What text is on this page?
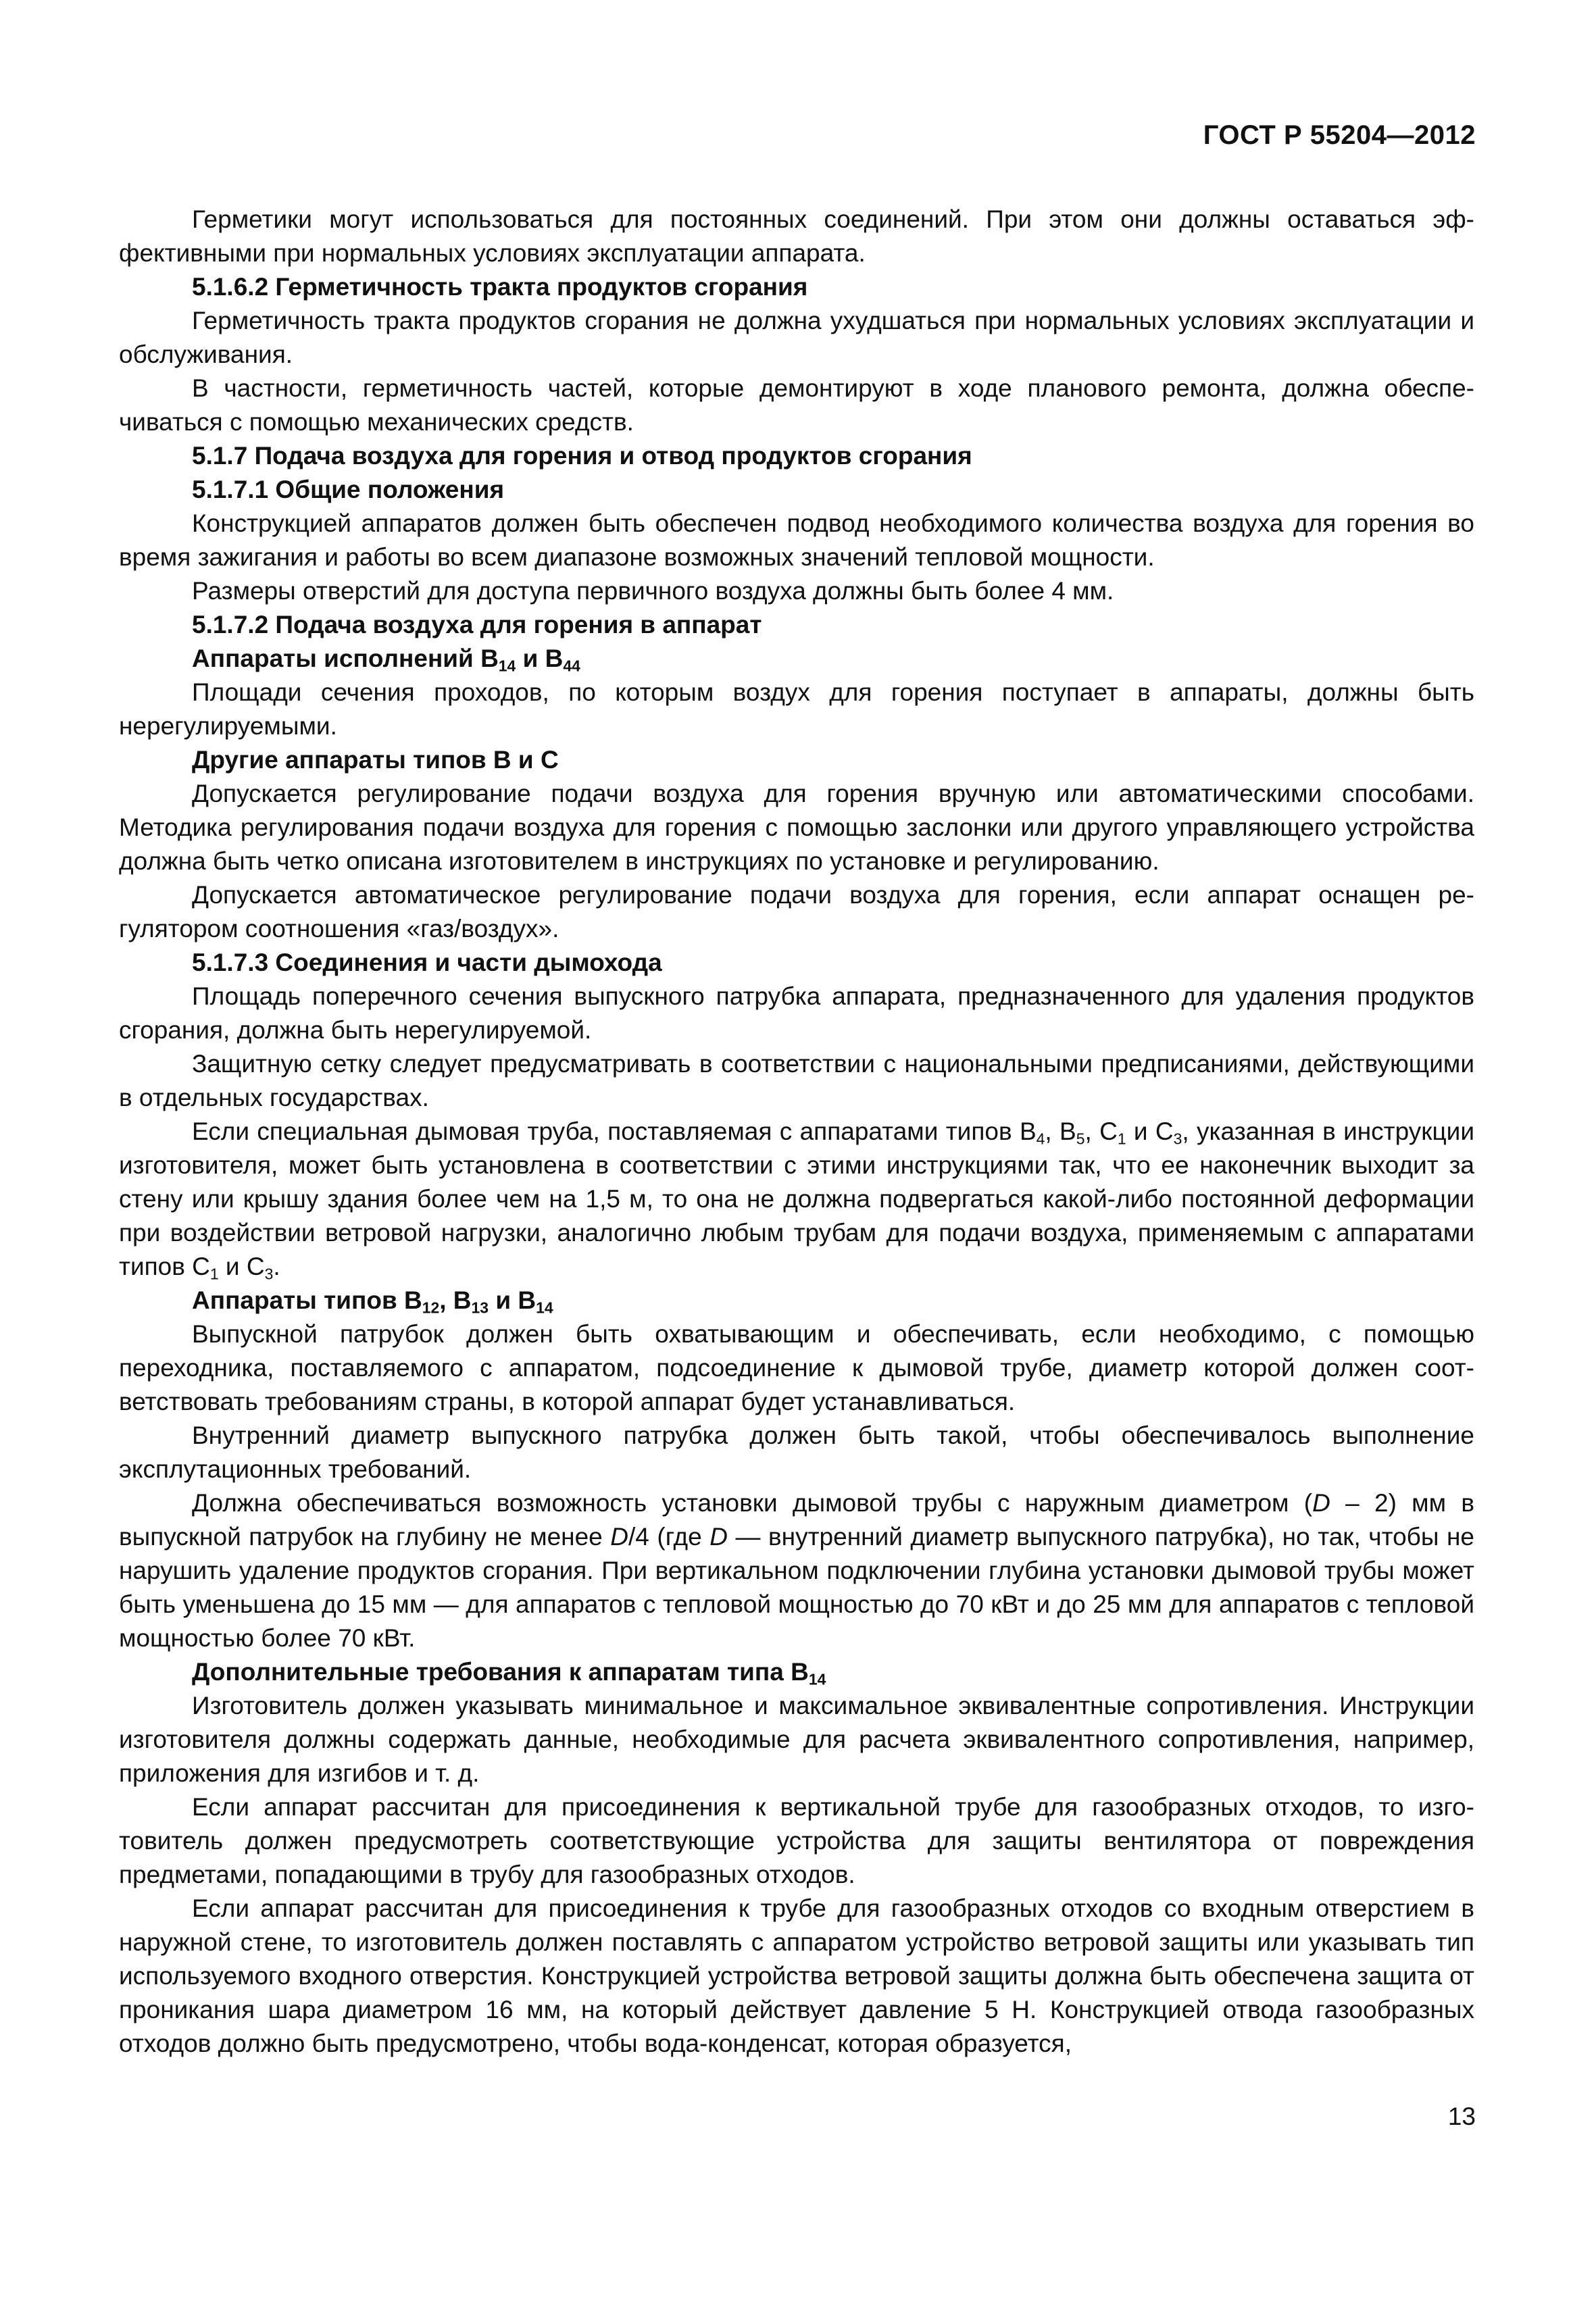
ГОСТ Р 55204—2012
Герметики могут использоваться для постоянных соединений. При этом они должны оставаться эффективными при нормальных условиях эксплуатации аппарата.
5.1.6.2 Герметичность тракта продуктов сгорания
Герметичность тракта продуктов сгорания не должна ухудшаться при нормальных условиях эксплуатации и обслуживания.
В частности, герметичность частей, которые демонтируют в ходе планового ремонта, должна обеспечиваться с помощью механических средств.
5.1.7 Подача воздуха для горения и отвод продуктов сгорания
5.1.7.1 Общие положения
Конструкцией аппаратов должен быть обеспечен подвод необходимого количества воздуха для горения во время зажигания и работы во всем диапазоне возможных значений тепловой мощности.
Размеры отверстий для доступа первичного воздуха должны быть более 4 мм.
5.1.7.2 Подача воздуха для горения в аппарат
Аппараты исполнений $B_{14}$ и $B_{44}$
Площади сечения проходов, по которым воздух для горения поступает в аппараты, должны быть нерегулируемыми.
Другие аппараты типов В и С
Допускается регулирование подачи воздуха для горения вручную или автоматическими способами. Методика регулирования подачи воздуха для горения с помощью заслонки или другого управляющего устройства должна быть четко описана изготовителем в инструкциях по установке и регулированию.
Допускается автоматическое регулирование подачи воздуха для горения, если аппарат оснащен регулятором соотношения «газ/воздух».
5.1.7.3 Соединения и части дымохода
Площадь поперечного сечения выпускного патрубка аппарата, предназначенного для удаления продуктов сгорания, должна быть нерегулируемой.
Защитную сетку следует предусматривать в соответствии с национальными предписаниями, действующими в отдельных государствах.
Если специальная дымовая труба, поставляемая с аппаратами типов $B_4$, $B_5$, $C_1$ и $C_3$, указанная в инструкции изготовителя, может быть установлена в соответствии с этими инструкциями так, что ее наконечник выходит за стену или крышу здания более чем на 1,5 м, то она не должна подвергаться какой-либо постоянной деформации при воздействии ветровой нагрузки, аналогично любым трубам для подачи воздуха, применяемым с аппаратами типов $C_1$ и $C_3$.
Аппараты типов $B_{12}$, $B_{13}$ и $B_{14}$
Выпускной патрубок должен быть охватывающим и обеспечивать, если необходимо, с помощью переходника, поставляемого с аппаратом, подсоединение к дымовой трубе, диаметр которой должен соответствовать требованиям страны, в которой аппарат будет устанавливаться.
Внутренний диаметр выпускного патрубка должен быть такой, чтобы обеспечивалось выполнение эксплутационных требований.
Должна обеспечиваться возможность установки дымовой трубы с наружным диаметром (D – 2) мм в выпускной патрубок на глубину не менее D/4 (где D — внутренний диаметр выпускного патрубка), но так, чтобы не нарушить удаление продуктов сгорания. При вертикальном подключении глубина установки дымовой трубы может быть уменьшена до 15 мм — для аппаратов с тепловой мощностью до 70 кВт и до 25 мм для аппаратов с тепловой мощностью более 70 кВт.
Дополнительные требования к аппаратам типа $B_{14}$
Изготовитель должен указывать минимальное и максимальное эквивалентные сопротивления. Инструкции изготовителя должны содержать данные, необходимые для расчета эквивалентного сопротивления, например, приложения для изгибов и т. д.
Если аппарат рассчитан для присоединения к вертикальной трубе для газообразных отходов, то изготовитель должен предусмотреть соответствующие устройства для защиты вентилятора от повреждения предметами, попадающими в трубу для газообразных отходов.
Если аппарат рассчитан для присоединения к трубе для газообразных отходов со входным отверстием в наружной стене, то изготовитель должен поставлять с аппаратом устройство ветровой защиты или указывать тип используемого входного отверстия. Конструкцией устройства ветровой защиты должна быть обеспечена защита от проникания шара диаметром 16 мм, на который действует давление 5 Н. Конструкцией отвода газообразных отходов должно быть предусмотрено, чтобы вода-конденсат, которая образуется,
13
